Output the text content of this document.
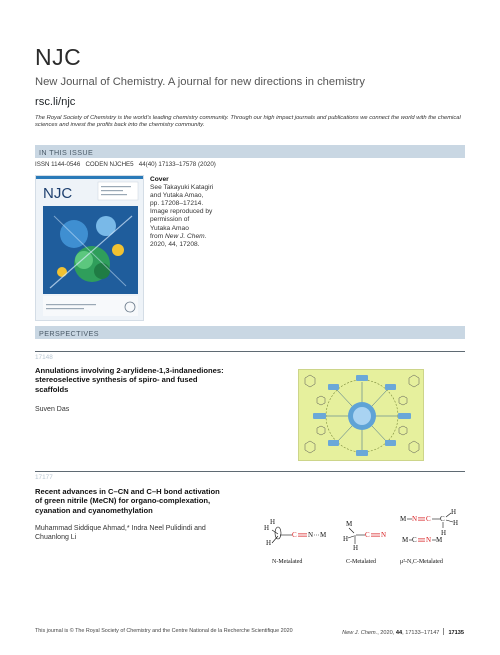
NJC
New Journal of Chemistry. A journal for new directions in chemistry
rsc.li/njc
The Royal Society of Chemistry is the world’s leading chemistry community. Through our high impact journals and publications we connect the world with the chemical sciences and invest the profits back into the chemistry community.
IN THIS ISSUE
ISSN 1144-0546 CODEN NJCHE5 44(40) 17133–17578 (2020)
NJC
Cover
See Takayuki Katagiri
and Yutaka Amao,
pp. 17208–17214.
Image reproduced by
permission of
Yutaka Amao
from New J. Chem.
2020, 44, 17208.
PERSPECTIVES
17148
Annulations involving 2-arylidene-1,3-indanediones:
stereoselective synthesis of spiro- and fused
scaffolds
Suven Das
17177
Recent advances in C–CN and C–H bond activation
of green nitrile (MeCN) for organo-complexation,
cyanation and cyanomethylation
Muhammad Siddique Ahmad,* Indra Neel Pulidindi and
Chuanlong Li
H
H
H
C N M
N-Metalated
M
H
H
C N
C-Metalated
M N C C
H
H
H
M C N M
μ²-N,C-Metalated
This journal is © The Royal Society of Chemistry and the Centre National de la Recherche Scientifique 2020	New J. Chem., 2020, 44, 17133–17147 17135
